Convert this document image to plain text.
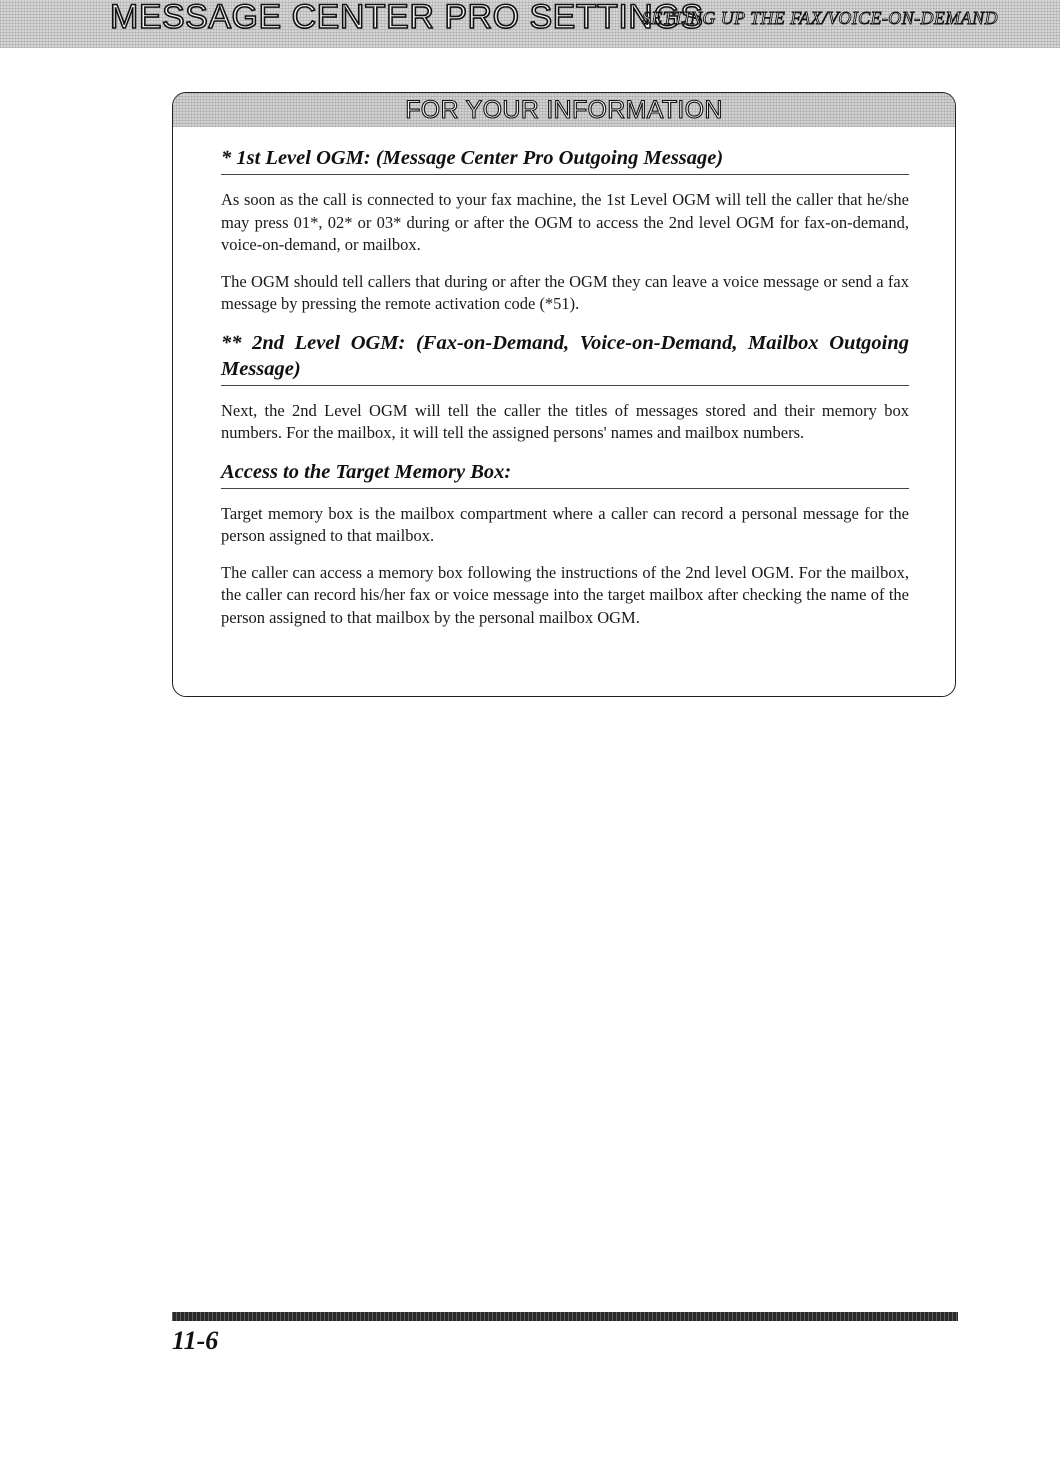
MESSAGE CENTER PRO SETTINGS
SETTING UP THE FAX/VOICE-ON-DEMAND
FOR YOUR INFORMATION
* 1st Level OGM: (Message Center Pro Outgoing Message)

As soon as the call is connected to your fax machine, the 1st Level OGM will tell the caller that he/she may press 01*, 02* or 03* during or after the OGM to access the 2nd level OGM for fax-on-demand, voice-on-demand, or mailbox.

The OGM should tell callers that during or after the OGM they can leave a voice message or send a fax message by pressing the remote activation code (*51).

** 2nd Level OGM: (Fax-on-Demand, Voice-on-Demand, Mailbox Outgoing Message)

Next, the 2nd Level OGM will tell the caller the titles of messages stored and their memory box numbers. For the mailbox, it will tell the assigned persons' names and mailbox numbers.

Access to the Target Memory Box:

Target memory box is the mailbox compartment where a caller can record a personal message for the person assigned to that mailbox.

The caller can access a memory box following the instructions of the 2nd level OGM. For the mailbox, the caller can record his/her fax or voice message into the target mailbox after checking the name of the person assigned to that mailbox by the personal mailbox OGM.

11-6
